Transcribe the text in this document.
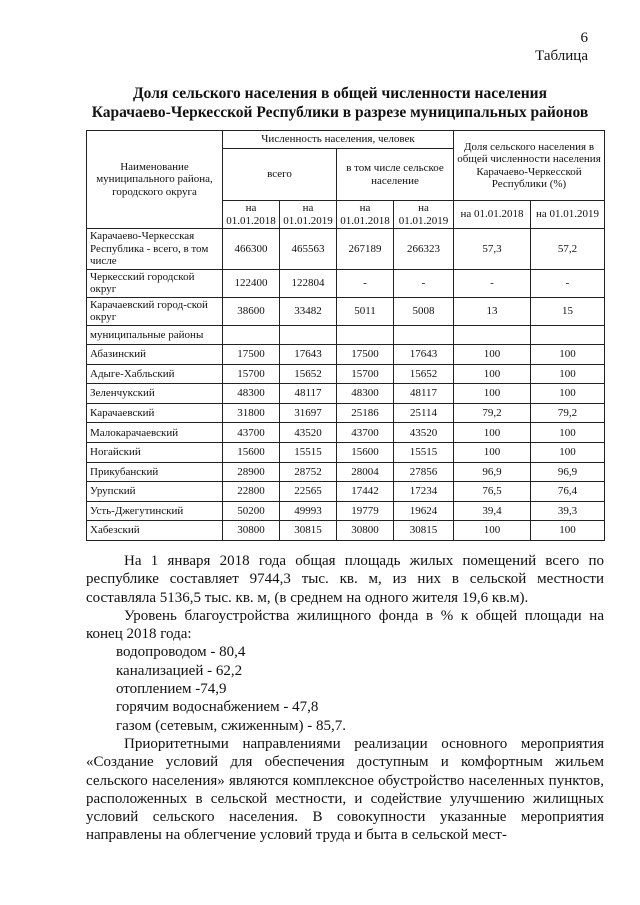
6
Таблица
Доля сельского населения в общей численности населения
Карачаево-Черкесской Республики в разрезе муниципальных районов
Наименование муниципального района, городского округа	Численность населения, человек				Доля сельского населения в общей численности населения Карачаево-Черкесской Республики (%)	
	всего		в том числе сельское население			
	на 01.01.2018	на 01.01.2019	на 01.01.2018	на 01.01.2019	на 01.01.2018	на 01.01.2019
Карачаево-Черкесская Республика - всего, в том числе	466300	465563	267189	266323	57,3	57,2
Черкесский городской округ	122400	122804	-	-	-	-
Карачаевский город-ской округ	38600	33482	5011	5008	13	15
муниципальные районы						
Абазинский	17500	17643	17500	17643	100	100
Адыге-Хабльский	15700	15652	15700	15652	100	100
Зеленчукский	48300	48117	48300	48117	100	100
Карачаевский	31800	31697	25186	25114	79,2	79,2
Малокарачаевский	43700	43520	43700	43520	100	100
Ногайский	15600	15515	15600	15515	100	100
Прикубанский	28900	28752	28004	27856	96,9	96,9
Урупский	22800	22565	17442	17234	76,5	76,4
Усть-Джегутинский	50200	49993	19779	19624	39,4	39,3
Хабезский	30800	30815	30800	30815	100	100

На 1 января 2018 года общая площадь жилых помещений всего по республике составляет 9744,3 тыс. кв. м, из них в сельской местности составляла 5136,5 тыс. кв. м, (в среднем на одного жителя 19,6 кв.м).

Уровень благоустройства жилищного фонда в % к общей площади на конец 2018 года:

водопроводом - 80,4
канализацией - 62,2
отоплением -74,9
горячим водоснабжением - 47,8
газом (сетевым, сжиженным) - 85,7.

Приоритетными направлениями реализации основного мероприятия «Создание условий для обеспечения доступным и комфортным жильем сельского населения» являются комплексное обустройство населенных пунктов, расположенных в сельской местности, и содействие улучшению жилищных условий сельского населения. В совокупности указанные мероприятия направлены на облегчение условий труда и быта в сельской мест-
